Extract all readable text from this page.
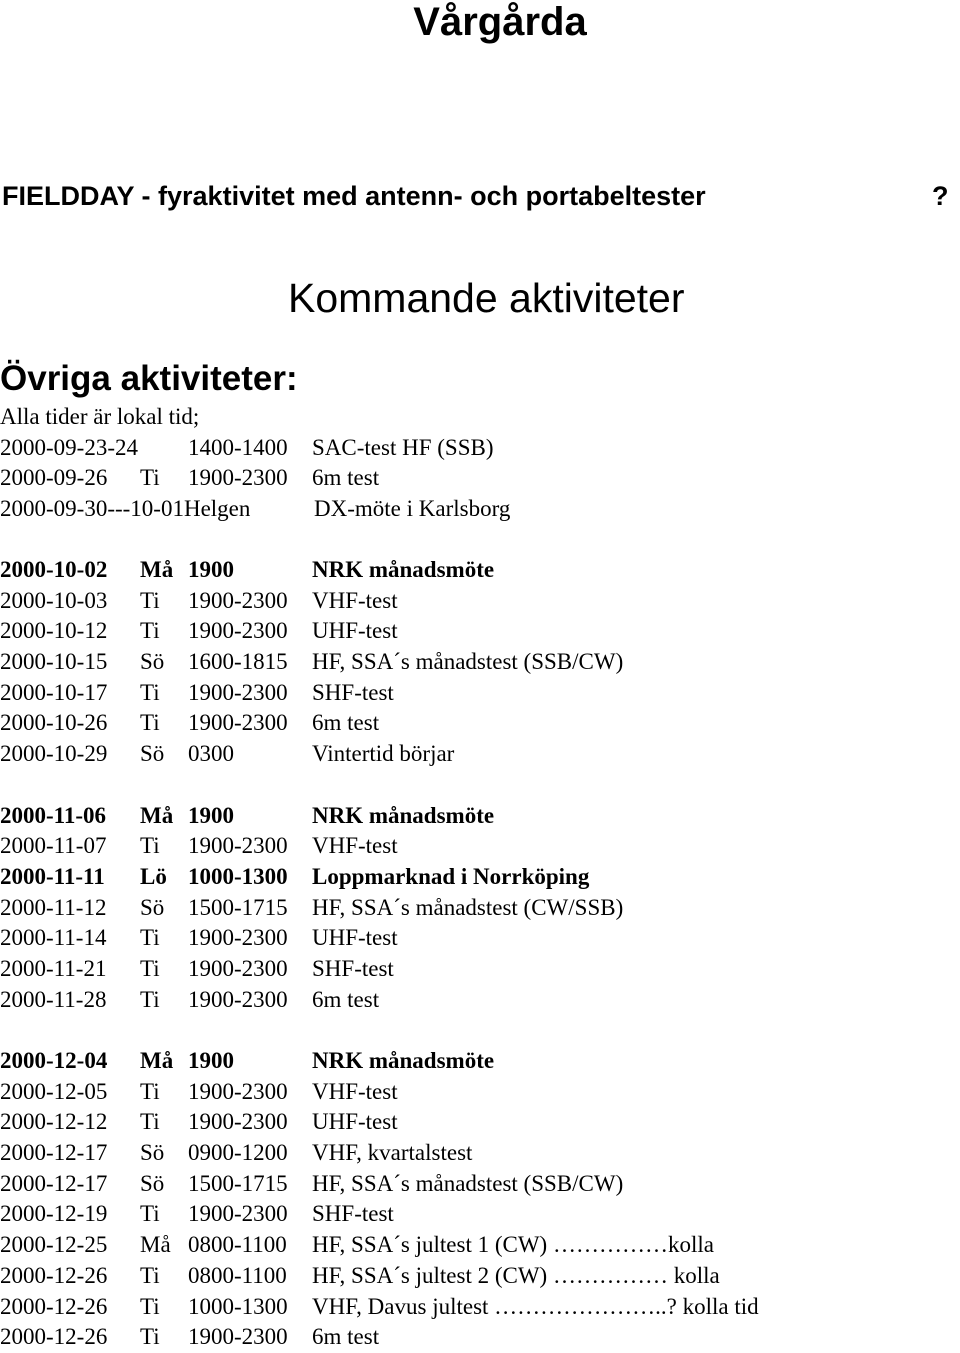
Vårgårda
FIELDDAY - fyraktivitet med antenn- och portabeltester	?
Kommande aktiviteter
Övriga aktiviteter:
Alla tider är lokal tid;
2000-09-23-24 1400-1400 SAC-test HF (SSB)
2000-09-26 Ti 1900-2300 6m test
2000-09-30---10-01Helgen	DX-möte i Karlsborg
2000-10-02 Må 1900	NRK månadsmöte
2000-10-03 Ti 1900-2300 VHF-test
2000-10-12 Ti 1900-2300 UHF-test
2000-10-15 Sö 1600-1815 HF, SSA´s månadstest (SSB/CW)
2000-10-17 Ti 1900-2300 SHF-test
2000-10-26 Ti 1900-2300 6m test
2000-10-29 Sö 0300	Vintertid börjar
2000-11-06 Må 1900	NRK månadsmöte
2000-11-07 Ti 1900-2300 VHF-test
2000-11-11 Lö 1000-1300 Loppmarknad i Norrköping
2000-11-12 Sö 1500-1715 HF, SSA´s månadstest (CW/SSB)
2000-11-14 Ti 1900-2300 UHF-test
2000-11-21 Ti 1900-2300 SHF-test
2000-11-28 Ti 1900-2300 6m test
2000-12-04 Må 1900	NRK månadsmöte
2000-12-05 Ti 1900-2300 VHF-test
2000-12-12 Ti 1900-2300 UHF-test
2000-12-17 Sö 0900-1200 VHF, kvartalstest
2000-12-17 Sö 1500-1715 HF, SSA´s månadstest (SSB/CW)
2000-12-19 Ti 1900-2300 SHF-test
2000-12-25 Må 0800-1100 HF, SSA´s jultest 1 (CW) ……………kolla
2000-12-26 Ti 0800-1100 HF, SSA´s jultest 2 (CW) …………… kolla
2000-12-26 Ti 1000-1300 VHF, Davus jultest …………………..? kolla tid
2000-12-26 Ti 1900-2300 6m test
